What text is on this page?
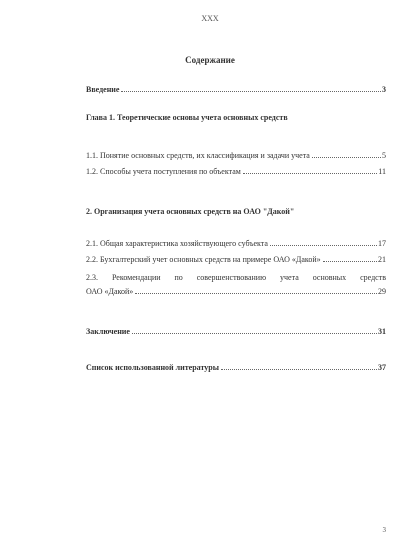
XXX
Содержание
Введение	3
Глава 1. Теоретические основы учета основных средств
1.1. Понятие основных средств, их классификация и задачи учета	5
1.2. Способы учета поступления по объектам	11
2. Организация учета основных средств на ОАО "Дакой"
2.1. Общая характеристика хозяйствующего субъекта	17
2.2. Бухгалтерский учет основных средств на примере ОАО «Дакой»	21
2.3. Рекомендации по совершенствованию учета основных средств
ОАО «Дакой»	29
Заключение	31
Список использованной литературы	37
3
